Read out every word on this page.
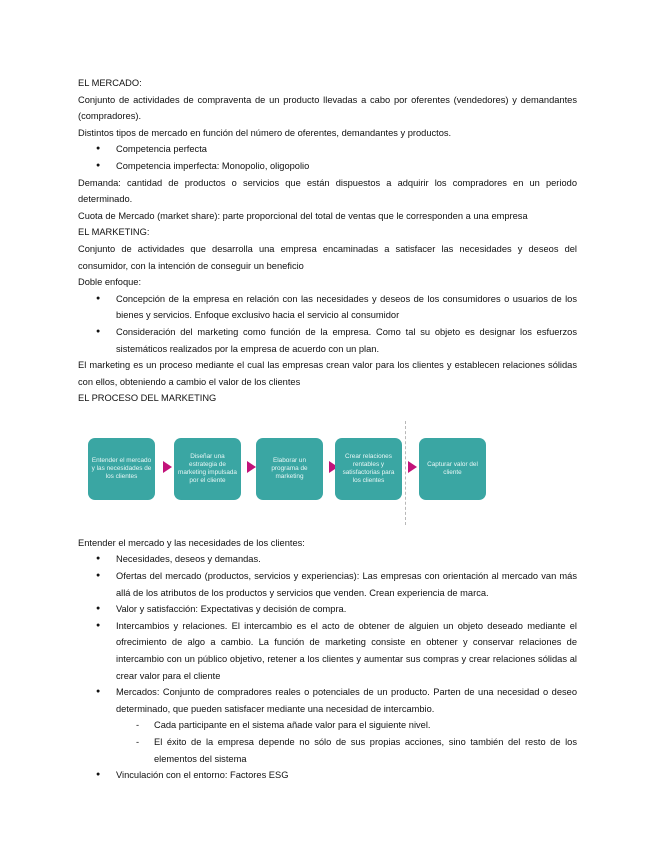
EL MERCADO:

Conjunto de actividades de compraventa de un producto llevadas a cabo por oferentes (vendedores) y demandantes (compradores).

Distintos tipos de mercado en función del número de oferentes, demandantes y productos.

● Competencia perfecta
● Competencia imperfecta: Monopolio, oligopolio

Demanda: cantidad de productos o servicios que están dispuestos a adquirir los compradores en un periodo determinado.

Cuota de Mercado (market share): parte proporcional del total de ventas que le corresponden a una empresa

EL MARKETING:

Conjunto de actividades que desarrolla una empresa encaminadas a satisfacer las necesidades y deseos del consumidor, con la intención de conseguir un beneficio

Doble enfoque:

● Concepción de la empresa en relación con las necesidades y deseos de los consumidores o usuarios de los bienes y servicios. Enfoque exclusivo hacia el servicio al consumidor
● Consideración del marketing como función de la empresa. Como tal su objeto es designar los esfuerzos sistemáticos realizados por la empresa de acuerdo con un plan.

El marketing es un proceso mediante el cual las empresas crean valor para los clientes y establecen relaciones sólidas con ellos, obteniendo a cambio el valor de los clientes

EL PROCESO DEL MARKETING

Entender el mercado y las necesidades de los clientes
Diseñar una estrategia de marketing impulsada por el cliente
Elaborar un programa de marketing
Crear relaciones rentables y satisfactorias para los clientes
Capturar valor del cliente

Entender el mercado y las necesidades de los clientes:

● Necesidades, deseos y demandas.
● Ofertas del mercado (productos, servicios y experiencias): Las empresas con orientación al mercado van más allá de los atributos de los productos y servicios que venden. Crean experiencia de marca.
● Valor y satisfacción: Expectativas y decisión de compra.
● Intercambios y relaciones. El intercambio es el acto de obtener de alguien un objeto deseado mediante el ofrecimiento de algo a cambio. La función de marketing consiste en obtener y conservar relaciones de intercambio con un público objetivo, retener a los clientes y aumentar sus compras y crear relaciones sólidas al crear valor para el cliente
● Mercados: Conjunto de compradores reales o potenciales de un producto. Parten de una necesidad o deseo determinado, que pueden satisfacer mediante una necesidad de intercambio.
- Cada participante en el sistema añade valor para el siguiente nivel.
- El éxito de la empresa depende no sólo de sus propias acciones, sino también del resto de los elementos del sistema
● Vinculación con el entorno: Factores ESG
